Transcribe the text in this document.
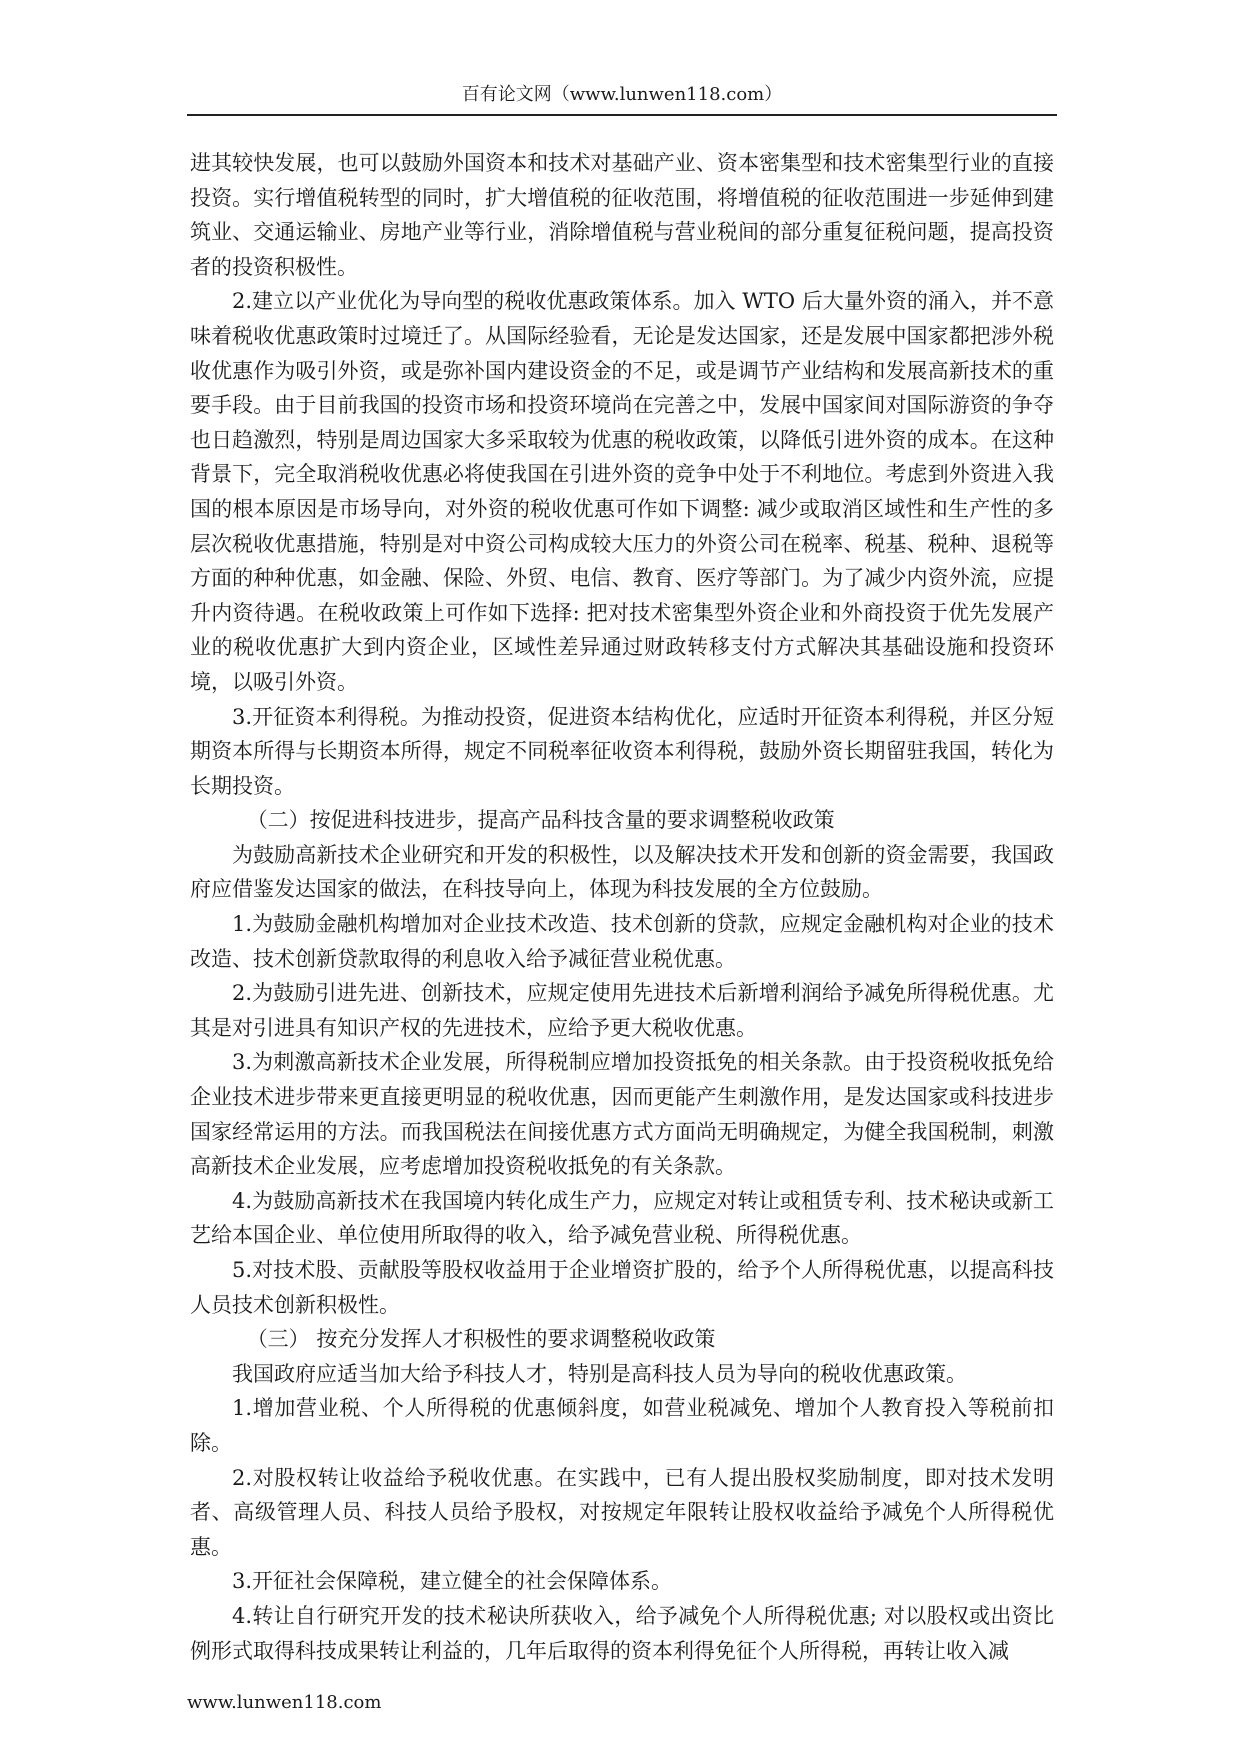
百有论文网（www.lunwen118.com）

进其较快发展，也可以鼓励外国资本和技术对基础产业、资本密集型和技术密集型行业的直接投资。实行增值税转型的同时，扩大增值税的征收范围，将增值税的征收范围进一步延伸到建筑业、交通运输业、房地产业等行业，消除增值税与营业税间的部分重复征税问题，提高投资者的投资积极性。

2.建立以产业优化为导向型的税收优惠政策体系。加入 WTO 后大量外资的涌入，并不意味着税收优惠政策时过境迁了。从国际经验看，无论是发达国家，还是发展中国家都把涉外税收优惠作为吸引外资，或是弥补国内建设资金的不足，或是调节产业结构和发展高新技术的重要手段。由于目前我国的投资市场和投资环境尚在完善之中，发展中国家间对国际游资的争夺也日趋激烈，特别是周边国家大多采取较为优惠的税收政策，以降低引进外资的成本。在这种背景下，完全取消税收优惠必将使我国在引进外资的竞争中处于不利地位。考虑到外资进入我国的根本原因是市场导向，对外资的税收优惠可作如下调整: 减少或取消区域性和生产性的多层次税收优惠措施，特别是对中资公司构成较大压力的外资公司在税率、税基、税种、退税等方面的种种优惠，如金融、保险、外贸、电信、教育、医疗等部门。为了减少内资外流，应提升内资待遇。在税收政策上可作如下选择: 把对技术密集型外资企业和外商投资于优先发展产业的税收优惠扩大到内资企业，区域性差异通过财政转移支付方式解决其基础设施和投资环境，以吸引外资。

3.开征资本利得税。为推动投资，促进资本结构优化，应适时开征资本利得税，并区分短期资本所得与长期资本所得，规定不同税率征收资本利得税，鼓励外资长期留驻我国，转化为长期投资。

（二）按促进科技进步，提高产品科技含量的要求调整税收政策

为鼓励高新技术企业研究和开发的积极性，以及解决技术开发和创新的资金需要，我国政府应借鉴发达国家的做法，在科技导向上，体现为科技发展的全方位鼓励。

1.为鼓励金融机构增加对企业技术改造、技术创新的贷款，应规定金融机构对企业的技术改造、技术创新贷款取得的利息收入给予减征营业税优惠。

2.为鼓励引进先进、创新技术，应规定使用先进技术后新增利润给予减免所得税优惠。尤其是对引进具有知识产权的先进技术，应给予更大税收优惠。

3.为刺激高新技术企业发展，所得税制应增加投资抵免的相关条款。由于投资税收抵免给企业技术进步带来更直接更明显的税收优惠，因而更能产生刺激作用，是发达国家或科技进步国家经常运用的方法。而我国税法在间接优惠方式方面尚无明确规定，为健全我国税制，刺激高新技术企业发展，应考虑增加投资税收抵免的有关条款。

4.为鼓励高新技术在我国境内转化成生产力，应规定对转让或租赁专利、技术秘诀或新工艺给本国企业、单位使用所取得的收入，给予减免营业税、所得税优惠。

5.对技术股、贡献股等股权收益用于企业增资扩股的，给予个人所得税优惠，以提高科技人员技术创新积极性。

（三） 按充分发挥人才积极性的要求调整税收政策

我国政府应适当加大给予科技人才，特别是高科技人员为导向的税收优惠政策。

1.增加营业税、个人所得税的优惠倾斜度，如营业税减免、增加个人教育投入等税前扣除。

2.对股权转让收益给予税收优惠。在实践中，已有人提出股权奖励制度，即对技术发明者、高级管理人员、科技人员给予股权，对按规定年限转让股权收益给予减免个人所得税优惠。

3.开征社会保障税，建立健全的社会保障体系。

4.转让自行研究开发的技术秘诀所获收入，给予减免个人所得税优惠; 对以股权或出资比例形式取得科技成果转让利益的，几年后取得的资本利得免征个人所得税，再转让收入减

www.lunwen118.com
